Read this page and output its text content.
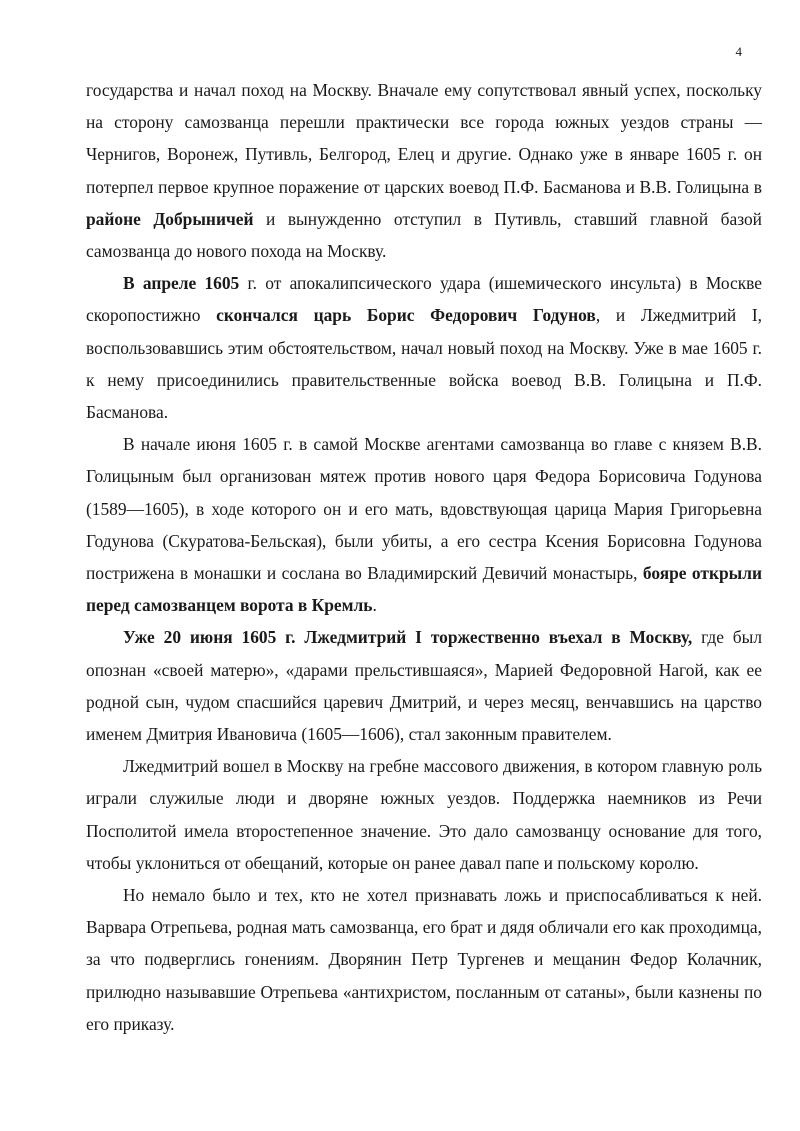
4

государства и начал поход на Москву. Вначале ему сопутствовал явный успех, поскольку на сторону самозванца перешли практически все города южных уездов страны — Чернигов, Воронеж, Путивль, Белгород, Елец и другие. Однако уже в январе 1605 г. он потерпел первое крупное поражение от царских воевод П.Ф. Басманова и В.В. Голицына в районе Добрыничей и вынужденно отступил в Путивль, ставший главной базой самозванца до нового похода на Москву.

В апреле 1605 г. от апокалипсического удара (ишемического инсульта) в Москве скоропостижно скончался царь Борис Федорович Годунов, и Лжедмитрий I, воспользовавшись этим обстоятельством, начал новый поход на Москву. Уже в мае 1605 г. к нему присоединились правительственные войска воевод В.В. Голицына и П.Ф. Басманова.

В начале июня 1605 г. в самой Москве агентами самозванца во главе с князем В.В. Голицыным был организован мятеж против нового царя Федора Борисовича Годунова (1589—1605), в ходе которого он и его мать, вдовствующая царица Мария Григорьевна Годунова (Скуратова-Бельская), были убиты, а его сестра Ксения Борисовна Годунова пострижена в монашки и сослана во Владимирский Девичий монастырь, бояре открыли перед самозванцем ворота в Кремль.

Уже 20 июня 1605 г. Лжедмитрий I торжественно въехал в Москву, где был опознан «своей матерю», «дарами прельстившаяся», Марией Федоровной Нагой, как ее родной сын, чудом спасшийся царевич Дмитрий, и через месяц, венчавшись на царство именем Дмитрия Ивановича (1605—1606), стал законным правителем.

Лжедмитрий вошел в Москву на гребне массового движения, в котором главную роль играли служилые люди и дворяне южных уездов. Поддержка наемников из Речи Посполитой имела второстепенное значение. Это дало самозванцу основание для того, чтобы уклониться от обещаний, которые он ранее давал папе и польскому королю.

Но немало было и тех, кто не хотел признавать ложь и приспосабливаться к ней. Варвара Отрепьева, родная мать самозванца, его брат и дядя обличали его как проходимца, за что подверглись гонениям. Дворянин Петр Тургенев и мещанин Федор Колачник, прилюдно называвшие Отрепьева «антихристом, посланным от сатаны», были казнены по его приказу.
